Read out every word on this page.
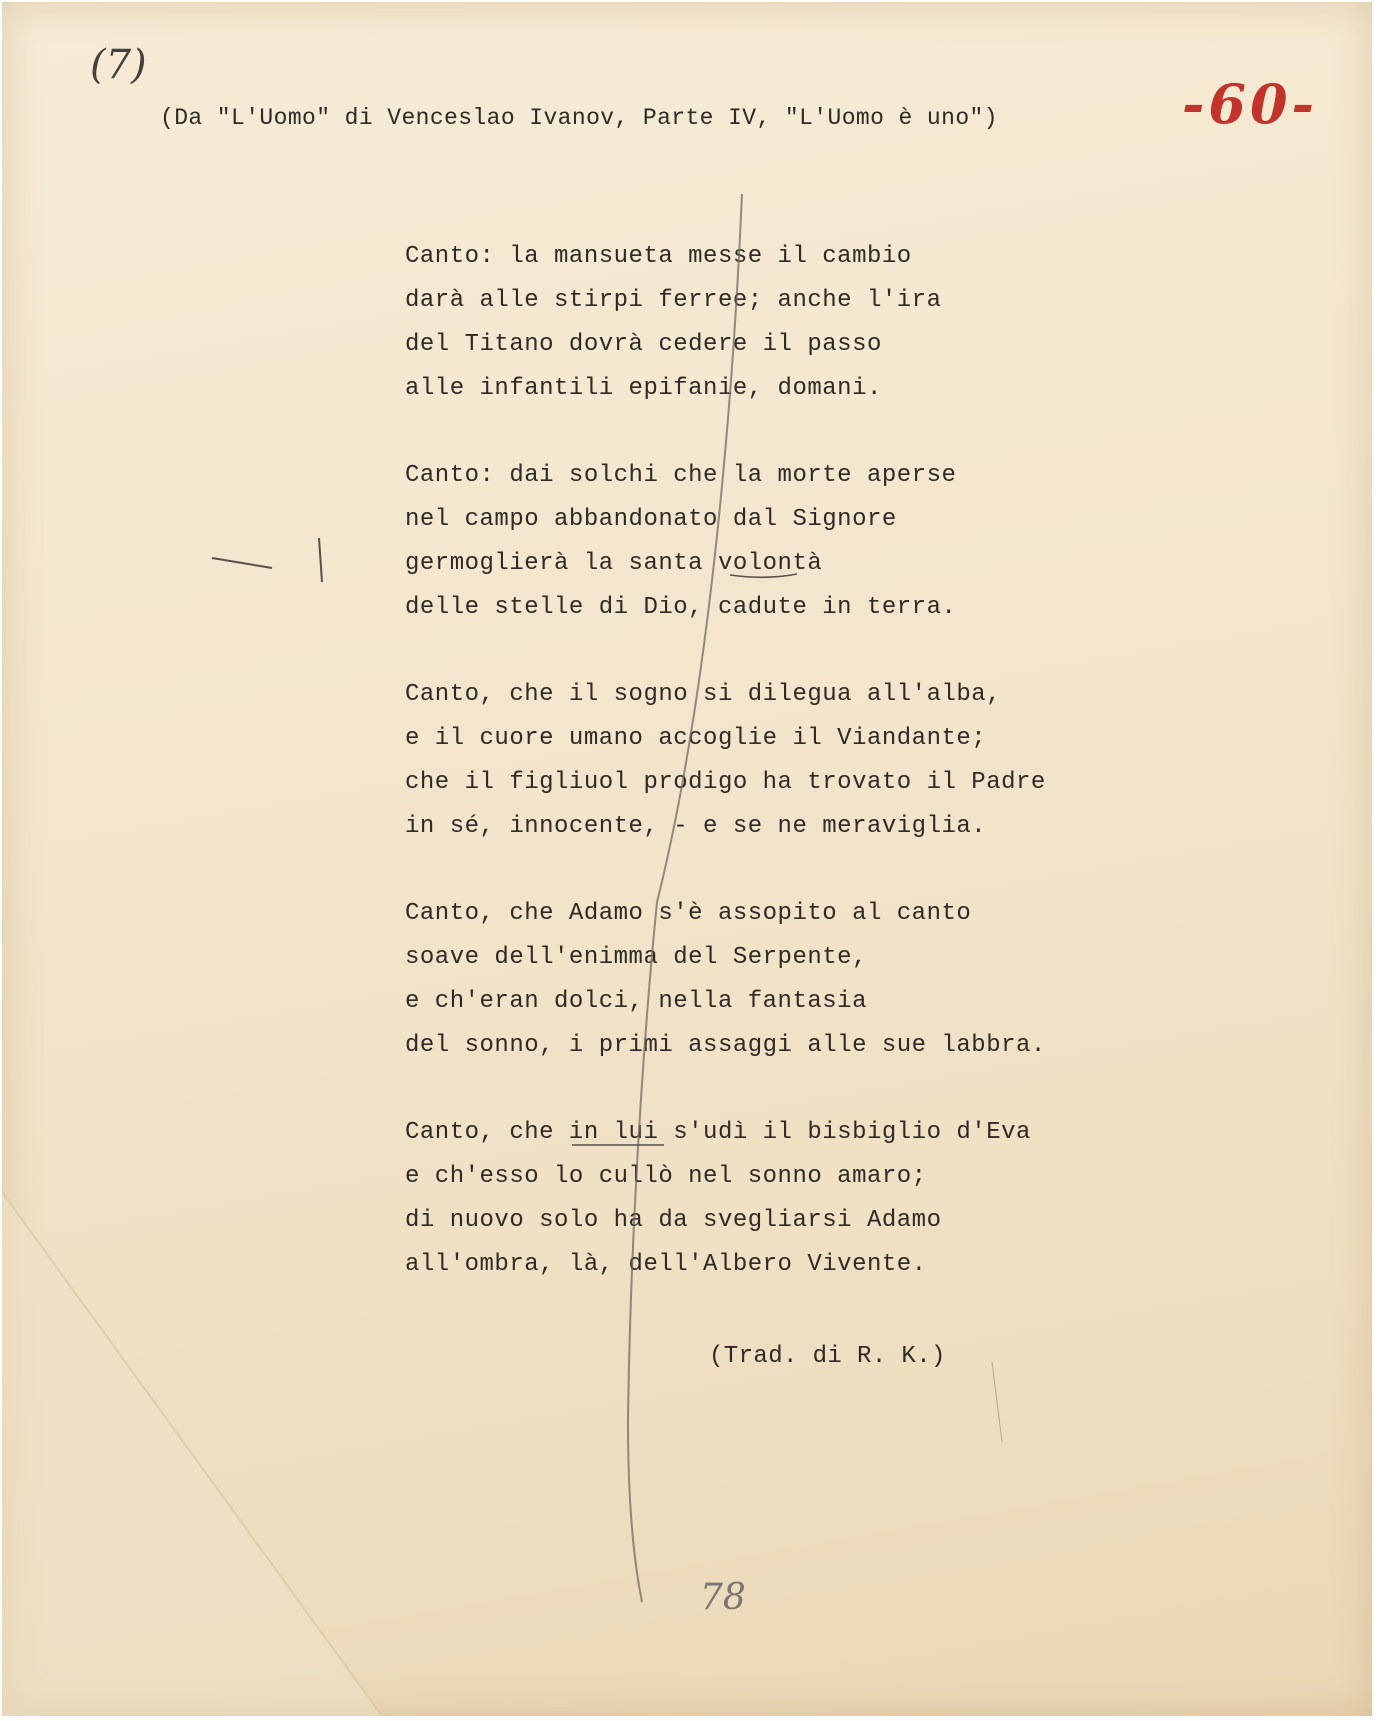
(7)
-60-
(Da "L'Uomo" di Venceslao Ivanov, Parte IV, "L'Uomo è uno")
Canto: la mansueta messe il cambio
darà alle stirpi ferree; anche l'ira
del Titano dovrà cedere il passo
alle infantili epifanie, domani.
Canto: dai solchi che la morte aperse
nel campo abbandonato dal Signore
germoglierà la santa volontà
delle stelle di Dio, cadute in terra.
Canto, che il sogno si dilegua all'alba,
e il cuore umano accoglie il Viandante;
che il figliuol prodigo ha trovato il Padre
in sé, innocente, - e se ne meraviglia.
Canto, che Adamo s'è assopito al canto
soave dell'enimma del Serpente,
e ch'eran dolci, nella fantasia
del sonno, i primi assaggi alle sue labbra.
Canto, che in lui s'udì il bisbiglio d'Eva
e ch'esso lo cullò nel sonno amaro;
di nuovo solo ha da svegliarsi Adamo
all'ombra, là, dell'Albero Vivente.
(Trad. di R. K.)
78
